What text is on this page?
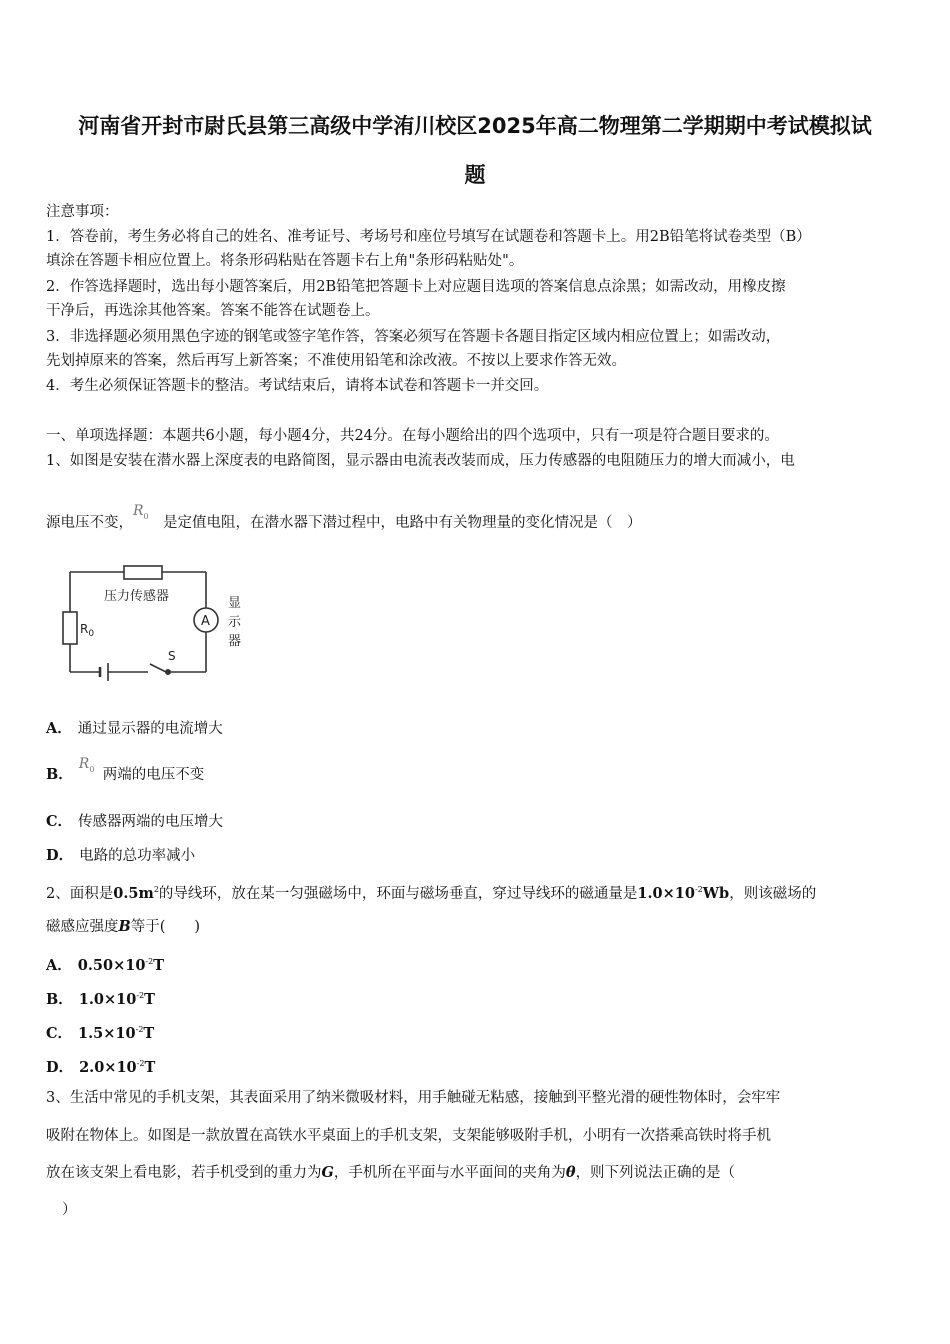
河南省开封市尉氏县第三高级中学洧川校区2025年高二物理第二学期期中考试模拟试
题
注意事项：
1．答卷前，考生务必将自己的姓名、准考证号、考场号和座位号填写在试题卷和答题卡上。用2B铅笔将试卷类型（B）
填涂在答题卡相应位置上。将条形码粘贴在答题卡右上角"条形码粘贴处"。
2．作答选择题时，选出每小题答案后，用2B铅笔把答题卡上对应题目选项的答案信息点涂黑；如需改动，用橡皮擦
干净后，再选涂其他答案。答案不能答在试题卷上。
3．非选择题必须用黑色字迹的钢笔或签字笔作答，答案必须写在答题卡各题目指定区域内相应位置上；如需改动，
先划掉原来的答案，然后再写上新答案；不准使用铅笔和涂改液。不按以上要求作答无效。
4．考生必须保证答题卡的整洁。考试结束后，请将本试卷和答题卡一并交回。
一、单项选择题：本题共6小题，每小题4分，共24分。在每小题给出的四个选项中，只有一项是符合题目要求的。
1、如图是安装在潜水器上深度表的电路简图，显示器由电流表改装而成，压力传感器的电阻随压力的增大而减小，电
源电压不变，$R_0$ 是定值电阻，在潜水器下潜过程中，电路中有关物理量的变化情况是（　）
压力传感器
$R_0$
A
显
示
器
S
A． 通过显示器的电流增大
B．$R_0$ 两端的电压不变
C． 传感器两端的电压增大
D． 电路的总功率减小
2、面积是$0.5m^2$的导线环，放在某一匀强磁场中，环面与磁场垂直，穿过导线环的磁通量是$1.0\times 10^{-2}Wb$，则该磁场的
磁感应强度B等于(　　)
A． $0.50\times 10^{-2}T$
B． $1.0\times 10^{-2}T$
C． $1.5\times 10^{-2}T$
D． $2.0\times 10^{-2}T$
3、生活中常见的手机支架，其表面采用了纳米微吸材料，用手触碰无粘感，接触到平整光滑的硬性物体时，会牢牢
吸附在物体上。如图是一款放置在高铁水平桌面上的手机支架，支架能够吸附手机，小明有一次搭乘高铁时将手机
放在该支架上看电影，若手机受到的重力为G，手机所在平面与水平面间的夹角为θ，则下列说法正确的是（
）
